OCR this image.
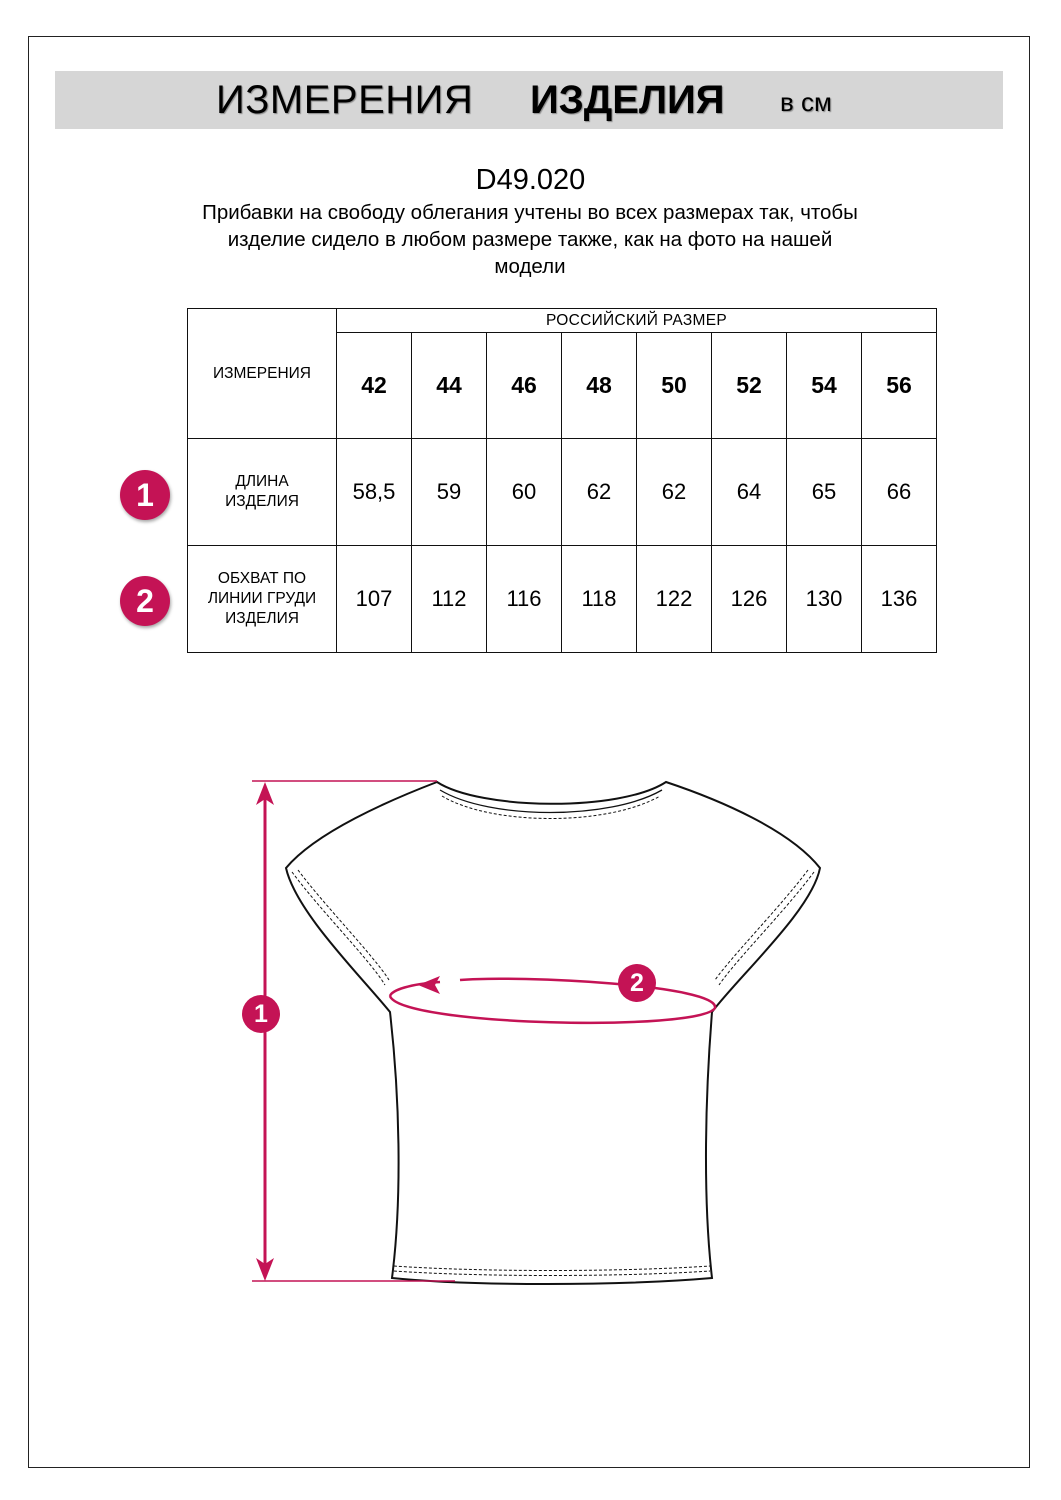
ИЗМЕРЕНИЯ ИЗДЕЛИЯ в см
D49.020
Прибавки на свободу облегания учтены во всех размерах так, чтобы
изделие сидело в любом размере также, как на фото на нашей
модели
ИЗМЕРЕНИЯ	РОССИЙСКИЙ РАЗМЕР							
	42	44	46	48	50	52	54	56

ДЛИНА
ИЗДЕЛИЯ	58,5	59	60	62	62	64	65	66

ОБХВАТ ПО
ЛИНИИ ГРУДИ
ИЗДЕЛИЯ	107	112	116	118	122	126	130	136
1
2
1
2
